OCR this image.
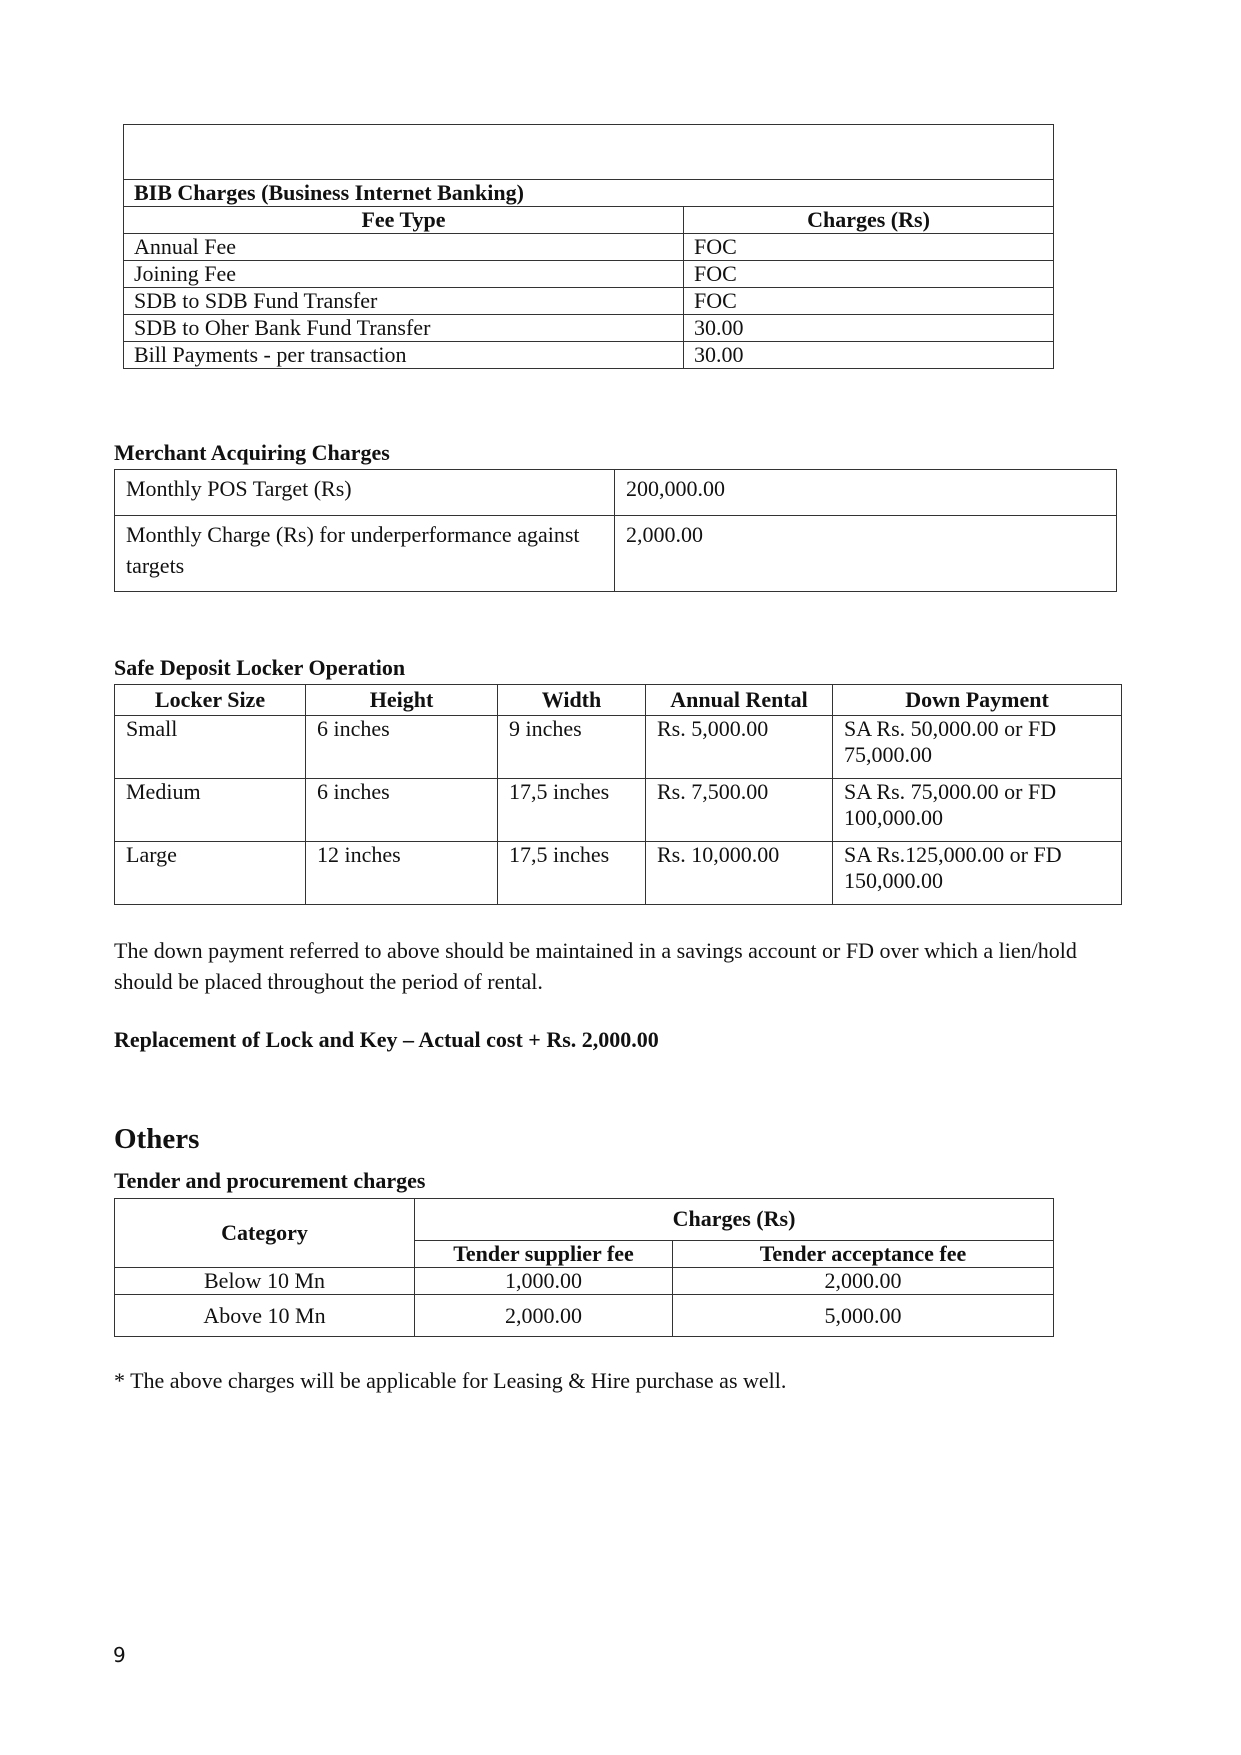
BIB Charges (Business Internet Banking)	
Fee Type	Charges (Rs)
Annual Fee	FOC
Joining Fee	FOC
SDB to SDB Fund Transfer	FOC
SDB to Oher Bank Fund Transfer	30.00
Bill Payments - per transaction	30.00
Merchant Acquiring Charges
Monthly POS Target (Rs)	200,000.00
Monthly Charge (Rs) for underperformance against targets	2,000.00
Safe Deposit Locker Operation
Locker Size	Height	Width	Annual Rental	Down Payment
Small	6 inches	9 inches	Rs. 5,000.00	SA Rs. 50,000.00 or FD 75,000.00
Medium	6 inches	17,5 inches	Rs. 7,500.00	SA Rs. 75,000.00 or FD 100,000.00
Large	12 inches	17,5 inches	Rs. 10,000.00	SA Rs.125,000.00 or FD 150,000.00
The down payment referred to above should be maintained in a savings account or FD over which a lien/hold should be placed throughout the period of rental.
Replacement of Lock and Key – Actual cost + Rs. 2,000.00
Others
Tender and procurement charges
Category	Charges (Rs)	
	Tender supplier fee	Tender acceptance fee
Below 10 Mn	1,000.00	2,000.00
Above 10 Mn	2,000.00	5,000.00
* The above charges will be applicable for Leasing & Hire purchase as well.
9
